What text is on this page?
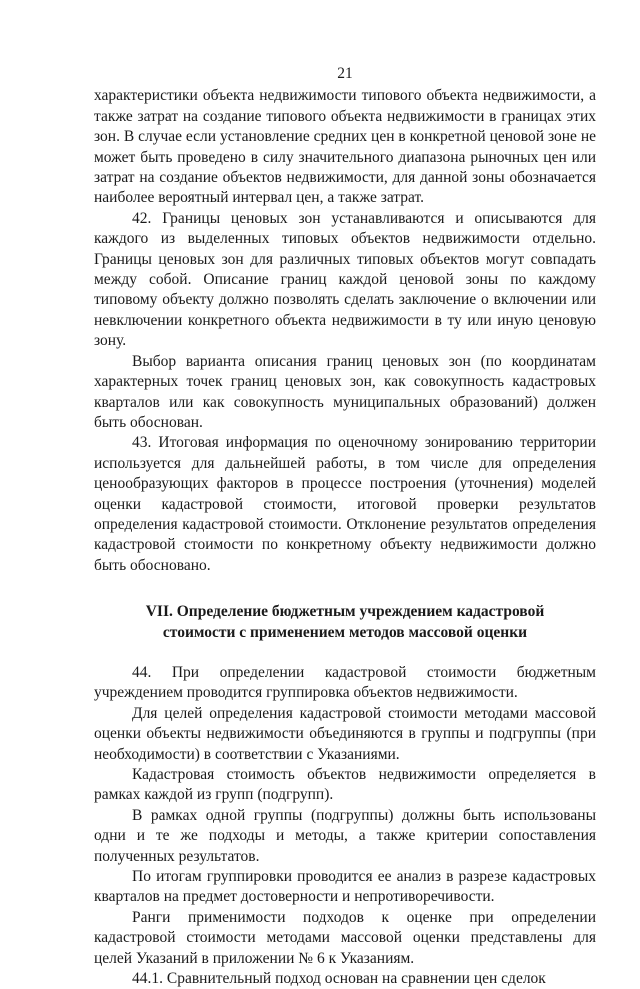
21

характеристики объекта недвижимости типового объекта недвижимости, а также затрат на создание типового объекта недвижимости в границах этих зон. В случае если установление средних цен в конкретной ценовой зоне не может быть проведено в силу значительного диапазона рыночных цен или затрат на создание объектов недвижимости, для данной зоны обозначается наиболее вероятный интервал цен, а также затрат.

42. Границы ценовых зон устанавливаются и описываются для каждого из выделенных типовых объектов недвижимости отдельно. Границы ценовых зон для различных типовых объектов могут совпадать между собой. Описание границ каждой ценовой зоны по каждому типовому объекту должно позволять сделать заключение о включении или невключении конкретного объекта недвижимости в ту или иную ценовую зону.

Выбор варианта описания границ ценовых зон (по координатам характерных точек границ ценовых зон, как совокупность кадастровых кварталов или как совокупность муниципальных образований) должен быть обоснован.

43. Итоговая информация по оценочному зонированию территории используется для дальнейшей работы, в том числе для определения ценообразующих факторов в процессе построения (уточнения) моделей оценки кадастровой стоимости, итоговой проверки результатов определения кадастровой стоимости. Отклонение результатов определения кадастровой стоимости по конкретному объекту недвижимости должно быть обосновано.

VII. Определение бюджетным учреждением кадастровой
стоимости с применением методов массовой оценки

44. При определении кадастровой стоимости бюджетным учреждением проводится группировка объектов недвижимости.

Для целей определения кадастровой стоимости методами массовой оценки объекты недвижимости объединяются в группы и подгруппы (при необходимости) в соответствии с Указаниями.

Кадастровая стоимость объектов недвижимости определяется в рамках каждой из групп (подгрупп).

В рамках одной группы (подгруппы) должны быть использованы одни и те же подходы и методы, а также критерии сопоставления полученных результатов.

По итогам группировки проводится ее анализ в разрезе кадастровых кварталов на предмет достоверности и непротиворечивости.

Ранги применимости подходов к оценке при определении кадастровой стоимости методами массовой оценки представлены для целей Указаний в приложении № 6 к Указаниям.

44.1. Сравнительный подход основан на сравнении цен сделок
